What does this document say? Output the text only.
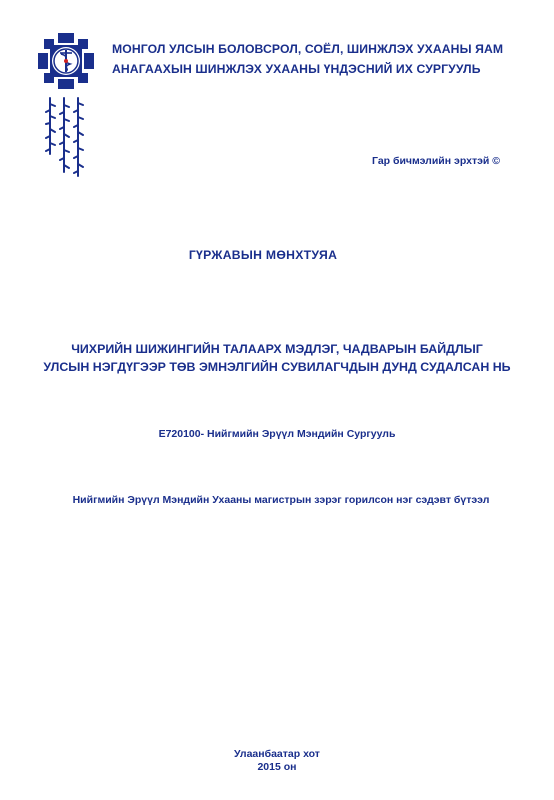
МОНГОЛ УЛСЫН БОЛОВСРОЛ, СОЁЛ, ШИНЖЛЭХ УХААНЫ ЯАМ
АНАГААХЫН ШИНЖЛЭХ УХААНЫ ҮНДЭСНИЙ ИХ СУРГУУЛЬ
Гар бичмэлийн эрхтэй ©
ГҮРЖАВЫН МӨНХТУЯА
ЧИХРИЙН ШИЖИНГИЙН ТАЛААРХ МЭДЛЭГ, ЧАДВАРЫН БАЙДЛЫГ
УЛСЫН НЭГДҮГЭЭР ТӨВ ЭМНЭЛГИЙН СУВИЛАГЧДЫН ДУНД СУДАЛСАН НЬ
Е720100- Нийгмийн Эрүүл Мэндийн Сургууль
Нийгмийн Эрүүл Мэндийн Ухааны магистрын зэрэг горилсон нэг сэдэвт бүтээл
Улаанбаатар хот
2015 он
